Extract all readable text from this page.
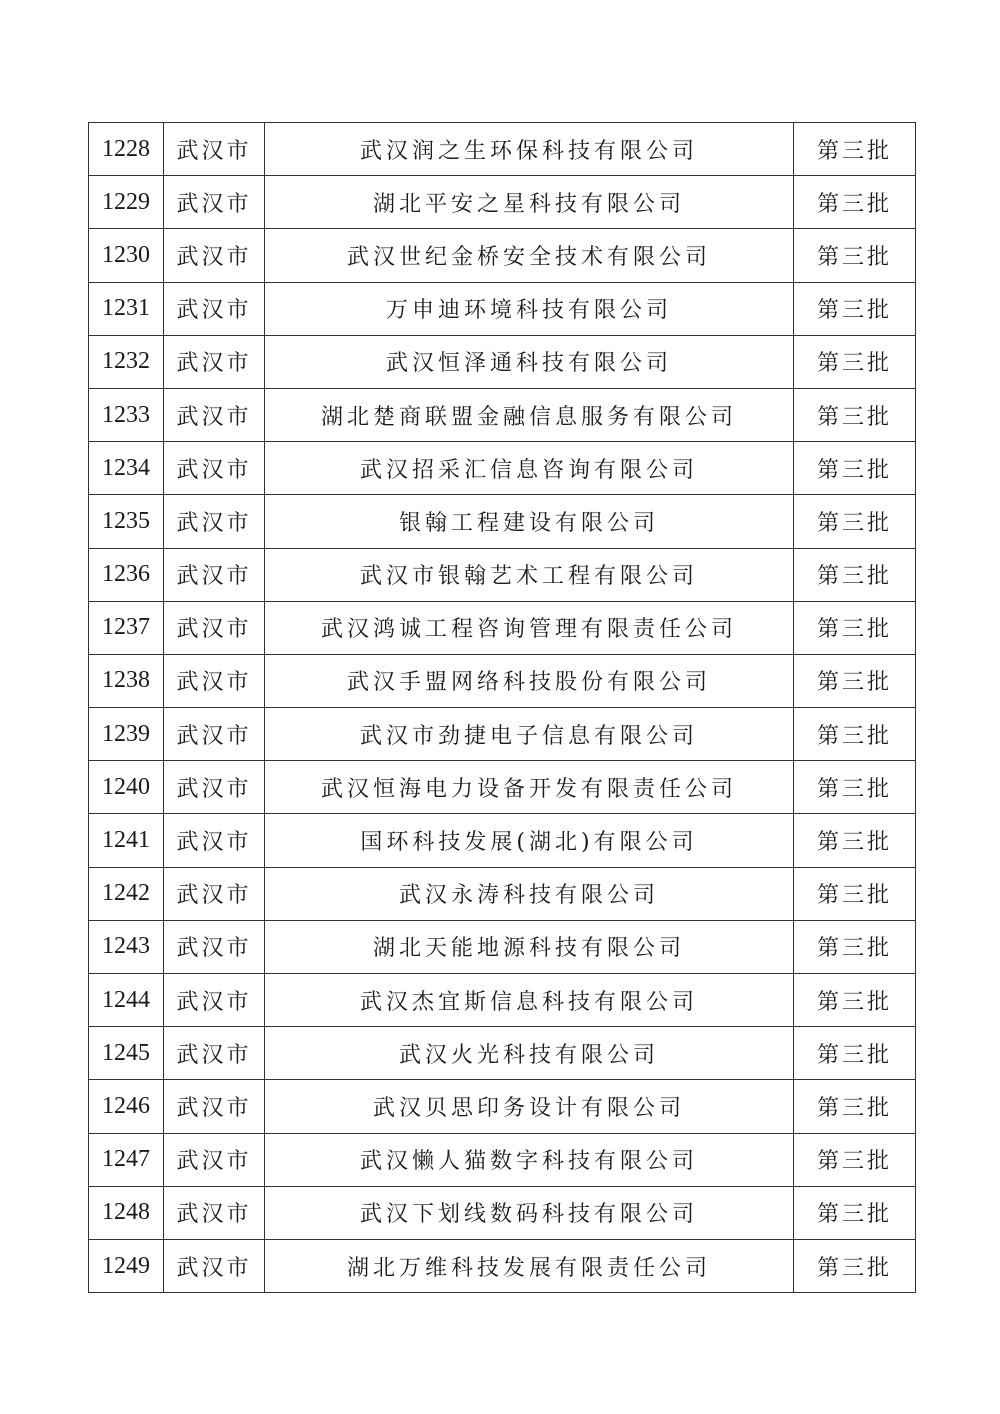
1228	武汉市	武汉润之生环保科技有限公司	第三批
1229	武汉市	湖北平安之星科技有限公司	第三批
1230	武汉市	武汉世纪金桥安全技术有限公司	第三批
1231	武汉市	万申迪环境科技有限公司	第三批
1232	武汉市	武汉恒泽通科技有限公司	第三批
1233	武汉市	湖北楚商联盟金融信息服务有限公司	第三批
1234	武汉市	武汉招采汇信息咨询有限公司	第三批
1235	武汉市	银翰工程建设有限公司	第三批
1236	武汉市	武汉市银翰艺术工程有限公司	第三批
1237	武汉市	武汉鸿诚工程咨询管理有限责任公司	第三批
1238	武汉市	武汉手盟网络科技股份有限公司	第三批
1239	武汉市	武汉市劲捷电子信息有限公司	第三批
1240	武汉市	武汉恒海电力设备开发有限责任公司	第三批
1241	武汉市	国环科技发展(湖北)有限公司	第三批
1242	武汉市	武汉永涛科技有限公司	第三批
1243	武汉市	湖北天能地源科技有限公司	第三批
1244	武汉市	武汉杰宜斯信息科技有限公司	第三批
1245	武汉市	武汉火光科技有限公司	第三批
1246	武汉市	武汉贝思印务设计有限公司	第三批
1247	武汉市	武汉懒人猫数字科技有限公司	第三批
1248	武汉市	武汉下划线数码科技有限公司	第三批
1249	武汉市	湖北万维科技发展有限责任公司	第三批
